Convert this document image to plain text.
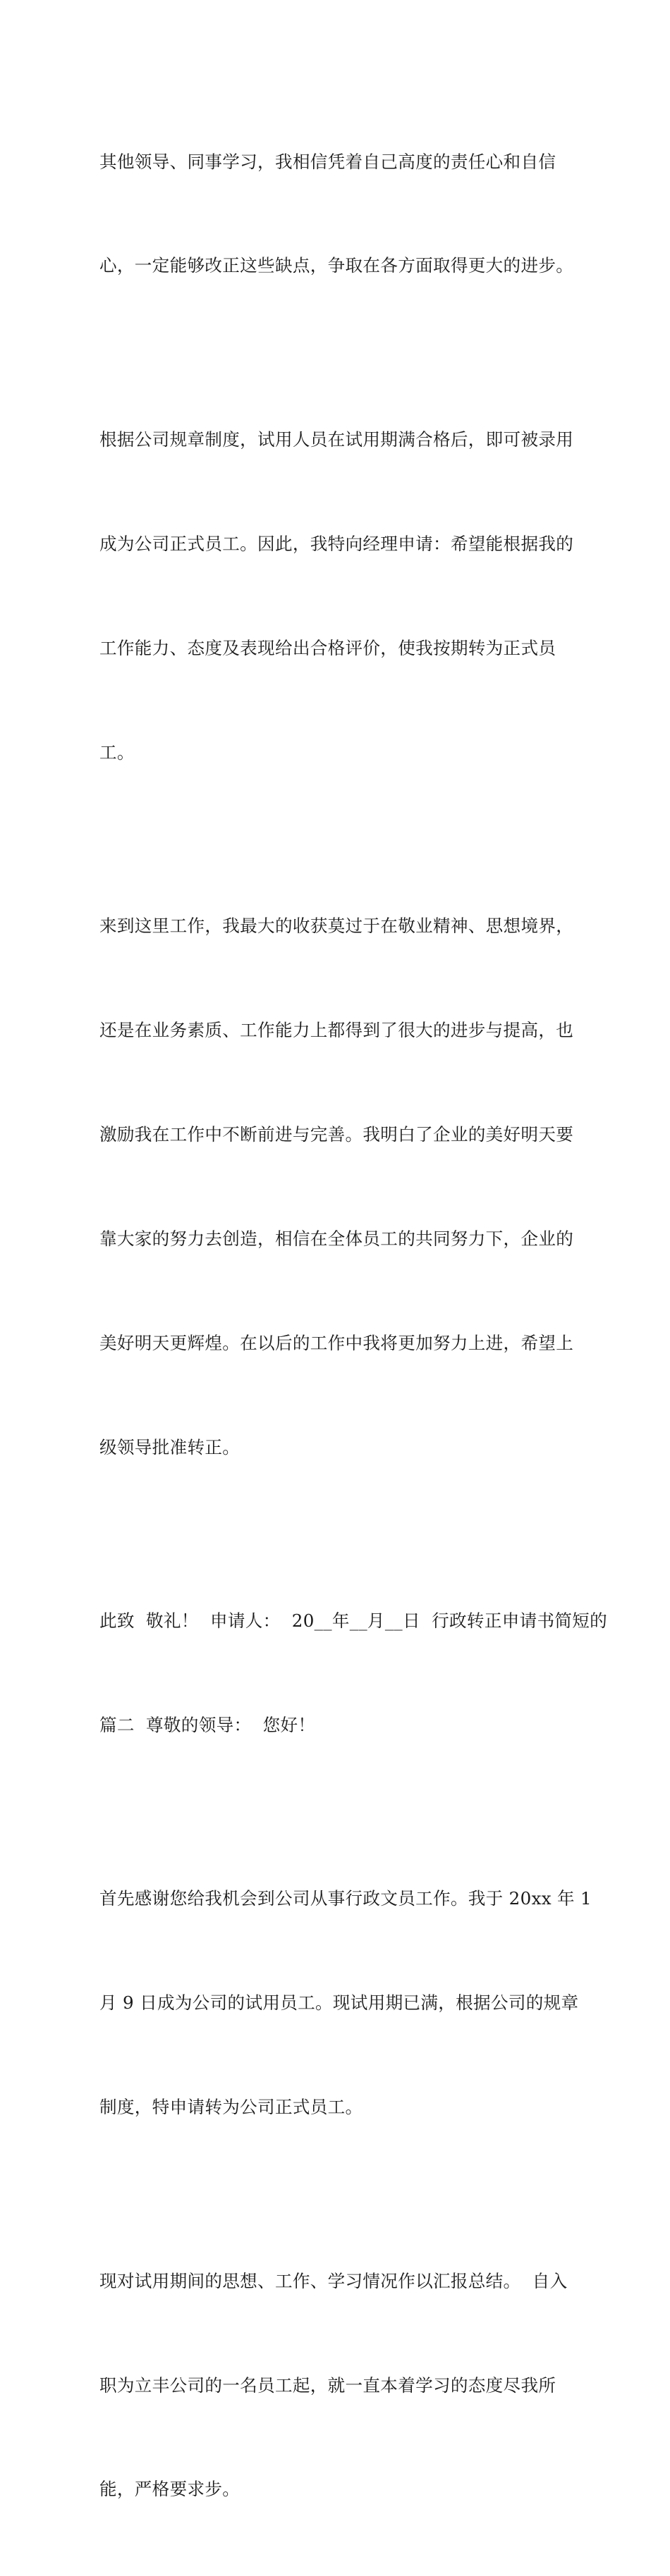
其他领导、同事学习，我相信凭着自己高度的责任心和自信

心，一定能够改正这些缺点，争取在各方面取得更大的进步。

根据公司规章制度，试用人员在试用期满合格后，即可被录用

成为公司正式员工。因此，我特向经理申请：希望能根据我的

工作能力、态度及表现给出合格评价，使我按期转为正式员

工。

来到这里工作，我最大的收获莫过于在敬业精神、思想境界，

还是在业务素质、工作能力上都得到了很大的进步与提高，也

激励我在工作中不断前进与完善。我明白了企业的美好明天要

靠大家的努力去创造，相信在全体员工的共同努力下，企业的

美好明天更辉煌。在以后的工作中我将更加努力上进，希望上

级领导批准转正。

此致  敬礼！  申请人：  20__年__月__日  行政转正申请书简短的

篇二  尊敬的领导：  您好！

首先感谢您给我机会到公司从事行政文员工作。我于 20xx 年 1

月 9 日成为公司的试用员工。现试用期已满，根据公司的规章

制度，特申请转为公司正式员工。

现对试用期间的思想、工作、学习情况作以汇报总结。  自入

职为立丰公司的一名员工起，就一直本着学习的态度尽我所

能，严格要求步。
